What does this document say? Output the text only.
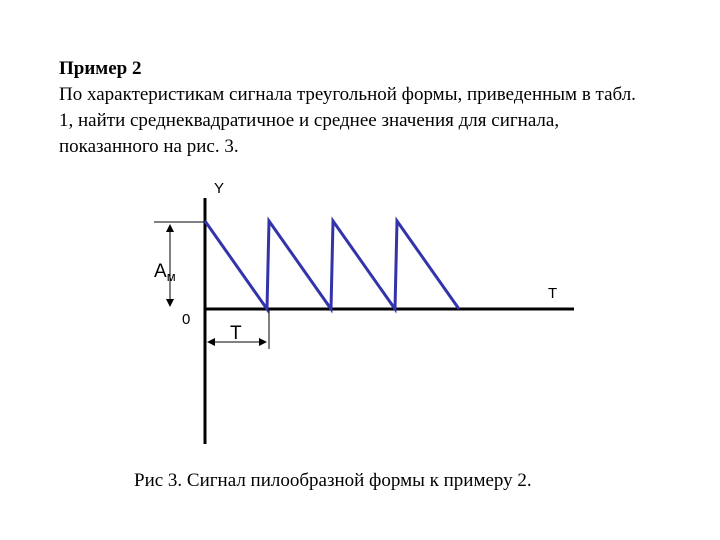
Пример 2
По характеристикам сигнала треугольной формы, приведенным в табл.
1, найти среднеквадратичное и среднее значения для сигнала,
показанного на рис. 3.
Y
T
0
$A_м$
T
Рис 3. Сигнал пилообразной формы к примеру 2.
